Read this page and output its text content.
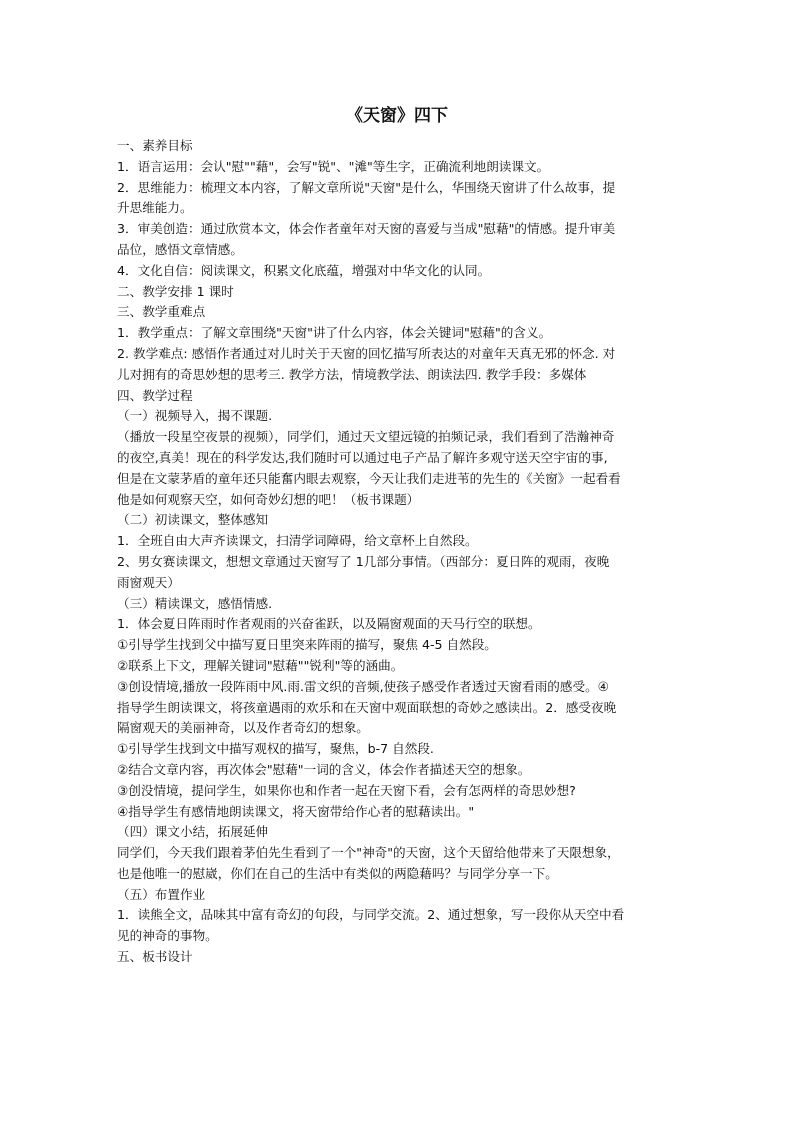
《天窗》四下
一、素养目标
1．语言运用：会认"慰""藉"，会写"锐"、"滩"等生字，正确流利地朗读课文。
2．思维能力：梳理文本内容，了解文章所说"天窗"是什么，华围绕天窗讲了什么故事，提
升思维能力。
3．审美创造：通过欣赏本文，体会作者童年对天窗的喜爱与当成"慰藉"的情感。提升审美
品位，感悟文章情感。
4．文化自信：阅读课文，积累文化底蕴，增强对中华文化的认同。
二、教学安排 1 课时
三、教学重难点
1．教学重点：了解文章围绕"天窗"讲了什么内容，体会关键词"慰藉"的含义。
2. 教学难点: 感悟作者通过对儿时关于天窗的回忆描写所表达的对童年天真无邪的怀念. 对
儿对拥有的奇思妙想的思考三. 教学方法，情境教学法、朗读法四. 教学手段：多媒体
四、教学过程
（一）视频导入，揭不课题.
（播放一段星空夜景的视频），同学们，通过天文望远镜的拍频记录，我们看到了浩瀚神奇
的夜空,真美！现在的科学发达,我们随时可以通过电子产品了解许多观守送天空宇宙的事,
但是在文蒙茅盾的童年还只能奮内眼去观察，今天让我们走进苇的先生的《关窗》一起看看
他是如何观察天空，如何奇妙幻想的吧！（板书课题）
（二）初读课文，整体感知
1．全班自由大声齐读课文，扫清学词障碍，给文章杯上自然段。
2、男女赛读课文，想想文章通过天窗写了 1几部分事情。（西部分：夏日阵的观雨，夜晚
雨窗观天）
（三）精读课文，感悟情感.
1．体会夏日阵雨时作者观雨的兴奋雀跃，以及隔窗观面的天马行空的联想。
①引导学生找到父中描写夏日里突来阵雨的描写，聚焦 4-5 自然段。
②联系上下文，理解关键词"慰藉""锐利"等的涵曲。
③创设情境,播放一段阵雨中风.雨.雷文织的音频,使孩子感受作者透过天窗看雨的感受。④
指导学生朗读课文，将孩童遇雨的欢乐和在天窗中观面联想的奇妙之感读出。2．感受夜晚
隔窗观天的美丽神奇，以及作者奇幻的想象。
①引导学生找到文中描写观权的描写，聚焦，b-7 自然段.
②结合文章内容，再次体会"慰藉"一词的含义，体会作者描述天空的想象。
③创没情境，提问学生，如果你也和作者一起在天窗下看，会有怎两样的奇思妙想?
④指导学生有感情地朗读课文，将天窗带给作心者的慰藉读出。"
（四）课文小结，拓展延伸
同学们，今天我们跟着茅伯先生看到了一个"神奇"的天窗，这个天留给他带来了天限想象，
也是他唯一的慰崴，你们在自己的生活中有类似的两隐藉吗？与同学分享一下。
（五）布置作业
1．读熊全文，品味其中富有奇幻的句段，与同学交流。2、通过想象，写一段你从天空中看
见的神奇的事物。
五、板书设计
